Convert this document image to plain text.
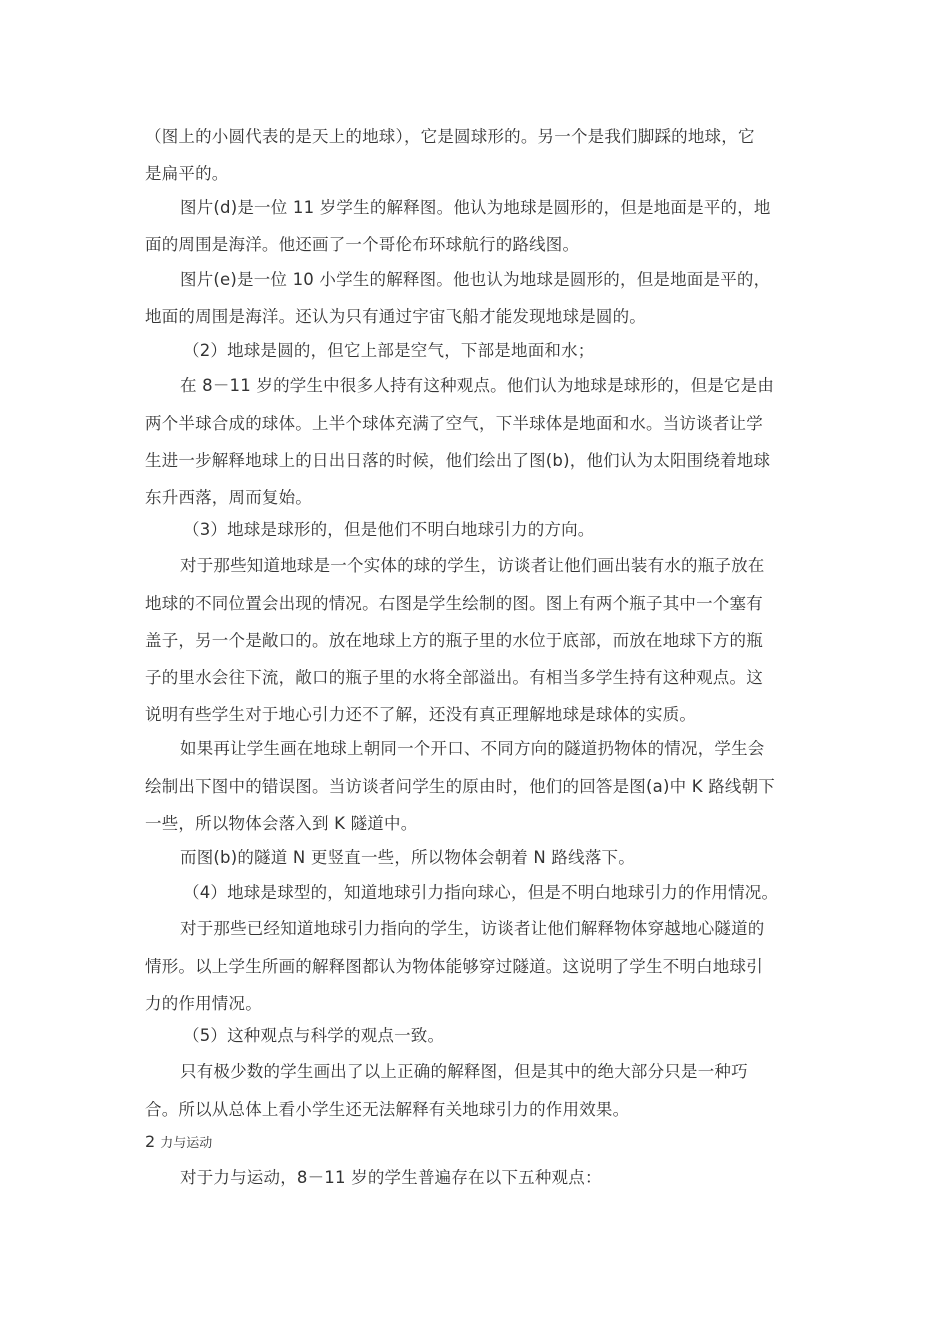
（图上的小圆代表的是天上的地球），它是圆球形的。另一个是我们脚踩的地球，它
是扁平的。
图片(d)是一位 11 岁学生的解释图。他认为地球是圆形的，但是地面是平的，地
面的周围是海洋。他还画了一个哥伦布环球航行的路线图。
图片(e)是一位 10 小学生的解释图。他也认为地球是圆形的，但是地面是平的，
地面的周围是海洋。还认为只有通过宇宙飞船才能发现地球是圆的。
（2）地球是圆的，但它上部是空气，下部是地面和水；
在 8－11 岁的学生中很多人持有这种观点。他们认为地球是球形的，但是它是由
两个半球合成的球体。上半个球体充满了空气，下半球体是地面和水。当访谈者让学
生进一步解释地球上的日出日落的时候，他们绘出了图(b)，他们认为太阳围绕着地球
东升西落，周而复始。
（3）地球是球形的，但是他们不明白地球引力的方向。
对于那些知道地球是一个实体的球的学生，访谈者让他们画出装有水的瓶子放在
地球的不同位置会出现的情况。右图是学生绘制的图。图上有两个瓶子其中一个塞有
盖子，另一个是敞口的。放在地球上方的瓶子里的水位于底部，而放在地球下方的瓶
子的里水会往下流，敞口的瓶子里的水将全部溢出。有相当多学生持有这种观点。这
说明有些学生对于地心引力还不了解，还没有真正理解地球是球体的实质。
如果再让学生画在地球上朝同一个开口、不同方向的隧道扔物体的情况，学生会
绘制出下图中的错误图。当访谈者问学生的原由时，他们的回答是图(a)中 K 路线朝下
一些，所以物体会落入到 K 隧道中。
而图(b)的隧道 N 更竖直一些，所以物体会朝着 N 路线落下。
（4）地球是球型的，知道地球引力指向球心，但是不明白地球引力的作用情况。
对于那些已经知道地球引力指向的学生，访谈者让他们解释物体穿越地心隧道的
情形。以上学生所画的解释图都认为物体能够穿过隧道。这说明了学生不明白地球引
力的作用情况。
（5）这种观点与科学的观点一致。
只有极少数的学生画出了以上正确的解释图，但是其中的绝大部分只是一种巧
合。所以从总体上看小学生还无法解释有关地球引力的作用效果。
2 力与运动
对于力与运动，8－11 岁的学生普遍存在以下五种观点：
